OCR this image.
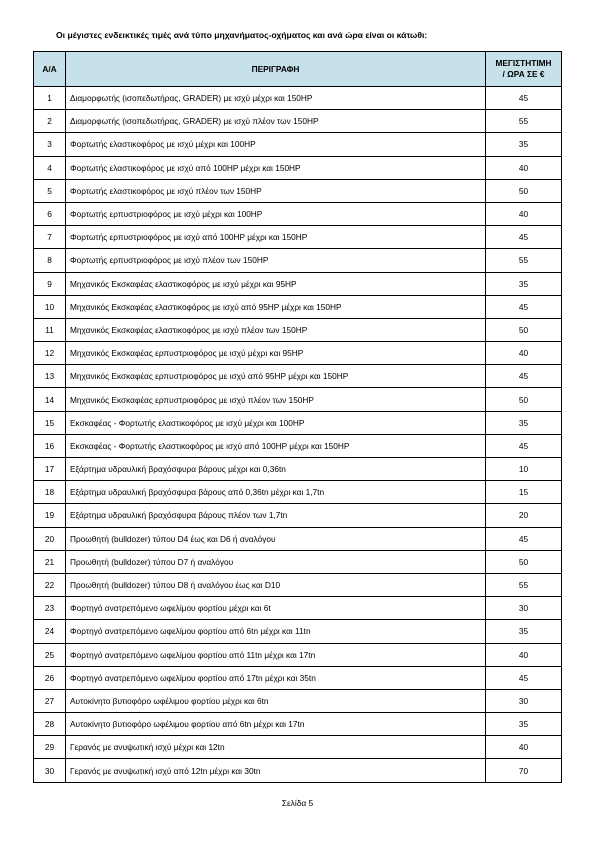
Οι μέγιστες ενδεικτικές τιμές ανά τύπο μηχανήματος-οχήματος και ανά ώρα είναι οι κάτωθι:
Α/Α	ΠΕΡΙΓΡΑΦΗ	ΜΕΓΙΣΤΗΤΙΜΗ
/ ΩΡΑ ΣΕ €
1	Διαμορφωτής (ισοπεδωτήρας, GRADER) με ισχύ μέχρι και 150HP	45
2	Διαμορφωτής (ισοπεδωτήρας, GRADER) με ισχύ πλέον των 150HP	55
3	Φορτωτής ελαστικοφόρος με ισχύ μέχρι και 100HP	35
4	Φορτωτής ελαστικοφόρος με ισχύ από 100HP μέχρι και 150HP	40
5	Φορτωτής ελαστικοφόρος με ισχύ πλέον των 150HP	50
6	Φορτωτής ερπυστριοφόρος με ισχύ μέχρι και 100HP	40
7	Φορτωτής ερπυστριοφόρος με ισχύ από 100HP μέχρι και 150HP	45
8	Φορτωτής ερπυστριοφόρος με ισχύ πλέον των 150HP	55
9	Μηχανικός Εκσκαφέας ελαστικοφόρος με ισχύ μέχρι και 95HP	35
10	Μηχανικός Εκσκαφέας ελαστικοφόρος με ισχύ από 95HP μέχρι και 150HP	45
11	Μηχανικός Εκσκαφέας ελαστικοφόρος με ισχύ πλέον των 150HP	50
12	Μηχανικός Εκσκαφέας ερπυστριοφόρος με ισχύ μέχρι και 95HP	40
13	Μηχανικός Εκσκαφέας ερπυστριοφόρος με ισχύ από 95HP μέχρι και 150HP	45
14	Μηχανικός Εκσκαφέας ερπυστριοφόρος με ισχύ πλέον των 150HP	50
15	Εκσκαφέας - Φορτωτής ελαστικοφόρος με ισχύ μέχρι και 100HP	35
16	Εκσκαφέας - Φορτωτής ελαστικοφόρος με ισχύ από 100HP μέχρι και 150HP	45
17	Εξάρτημα υδραυλική βραχόσφυρα βάρους μέχρι και 0,36tn	10
18	Εξάρτημα υδραυλική βραχόσφυρα βάρους από 0,36tn μέχρι και 1,7tn	15
19	Εξάρτημα υδραυλική βραχόσφυρα βάρους πλέον των 1,7tn	20
20	Προωθητή (bulldozer) τύπου D4 έως και D6 ή αναλόγου	45
21	Προωθητή (bulldozer) τύπου D7 ή αναλόγου	50
22	Προωθητή (bulldozer) τύπου D8 ή αναλόγου έως και D10	55
23	Φορτηγό ανατρεπόμενο ωφελίμου φορτίου μέχρι και 6t	30
24	Φορτηγό ανατρεπόμενο ωφελίμου φορτίου από 6tn μέχρι και 11tn	35
25	Φορτηγό ανατρεπόμενο ωφελίμου φορτίου από 11tn μέχρι και 17tn	40
26	Φορτηγό ανατρεπόμενο ωφελίμου φορτίου από 17tn μέχρι και 35tn	45
27	Αυτοκίνητο βυτιοφόρο ωφέλιμου φορτίου μέχρι και 6tn	30
28	Αυτοκίνητο βυτιοφόρο ωφέλιμου φορτίου από 6tn μέχρι και 17tn	35
29	Γερανός με ανυψωτική ισχύ μέχρι και 12tn	40
30	Γερανός με ανυψωτική ισχύ από 12tn μέχρι και 30tn	70
Σελίδα 5
